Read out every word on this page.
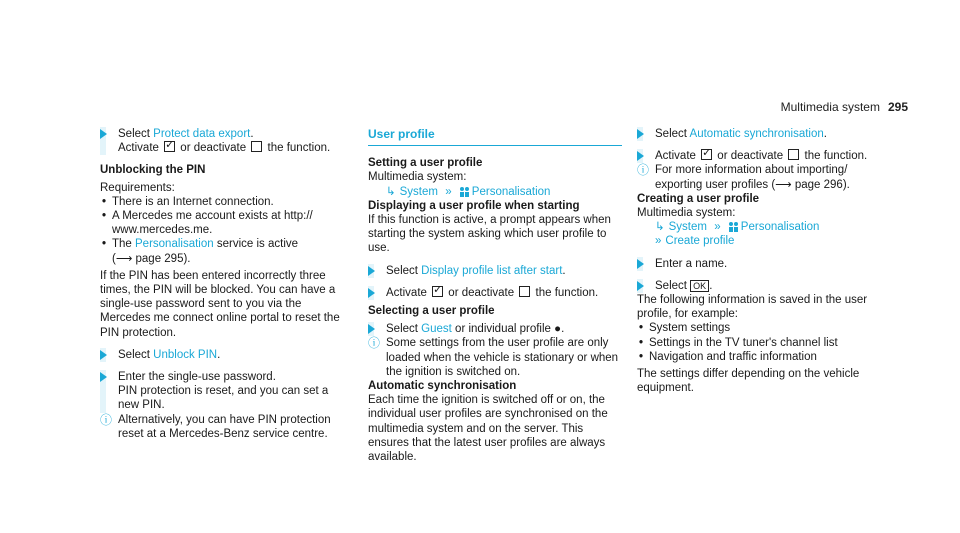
Multimedia system 295
Select Protect data export.
Activate ✓ or deactivate  the function.
Unblocking the PIN
Requirements:
• There is an Internet connection.
• A Mercedes me account exists at http://
www.mercedes.me.
• The Personalisation service is active
(⟶ page 295).
If the PIN has been entered incorrectly three times, the PIN will be blocked. You can have a single-use password sent to you via the Mercedes me connect online portal to reset the PIN protection.
Select Unblock PIN.
Enter the single-use password.
PIN protection is reset, and you can set a new PIN.
ⓘ Alternatively, you can have PIN protection reset at a Mercedes-Benz service centre.
User profile
Setting a user profile
Multimedia system:
↳ System » Personalisation
Displaying a user profile when starting
If this function is active, a prompt appears when starting the system asking which user profile to use.
Select Display profile list after start.
Activate ✓ or deactivate  the function.
Selecting a user profile
Select Guest or individual profile ●.
ⓘ Some settings from the user profile are only loaded when the vehicle is stationary or when the ignition is switched on.
Automatic synchronisation
Each time the ignition is switched off or on, the individual user profiles are synchronised on the multimedia system and on the server. This ensures that the latest user profiles are always available.
Select Automatic synchronisation.
Activate ✓ or deactivate  the function.
ⓘ For more information about importing/ exporting user profiles (⟶ page 296).
Creating a user profile
Multimedia system:
↳ System » Personalisation
» Create profile
Enter a name.
Select OK .
The following information is saved in the user profile, for example:
• System settings
• Settings in the TV tuner's channel list
• Navigation and traffic information
The settings differ depending on the vehicle equipment.
